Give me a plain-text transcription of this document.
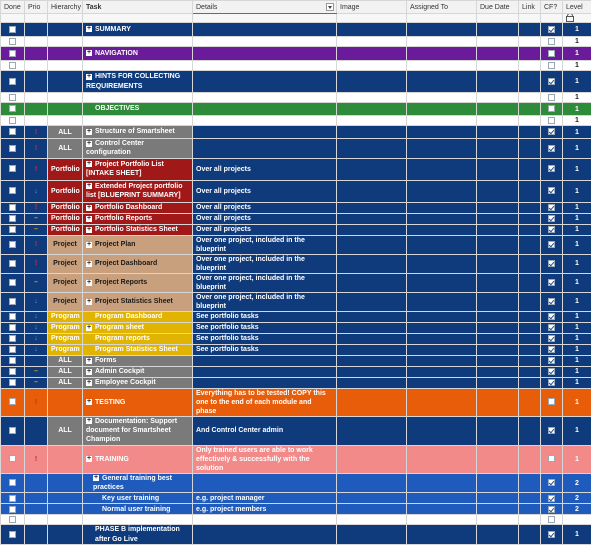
Done	Prio	Hierarchy	Task	Details	Image	Assigned To	Due Date	Link	CF?	Level

			+ SUMMARY							1
										1
			+ NAVIGATION							1
										1
			+ HINTS FOR COLLECTING REQUIREMENTS							1
										1
			OBJECTIVES							1
										1
	!	ALL	+ Structure of Smartsheet							1
	!	ALL	+ Control Center configuration							1
	!	Portfolio	+ Project Portfolio List [INTAKE SHEET]	Over all projects						1
	↓	Portfolio	+ Extended Project portfolio list [BLUEPRINT SUMMARY]	Over all projects						1
	!	Portfolio	+ Portfolio Dashboard	Over all projects						1
	–	Portfolio	+ Portfolio Reports	Over all projects						1
	–	Portfolio	+ Portfolio Statistics Sheet	Over all projects						1
	!	Project	+ Project Plan	Over one project, included in the blueprint						1
	!	Project	+ Project Dashboard	Over one project, included in the blueprint						1
	–	Project	+ Project Reports	Over one project, included in the blueprint						1
	↓	Project	+ Project Statistics Sheet	Over one project, included in the blueprint						1
	↓	Program	Program Dashboard	See portfolio tasks						1
	↓	Program	+ Program sheet	See portfolio tasks						1
	↓	Program	Program reports	See portfolio tasks						1
	↓	Program	Program Statistics Sheet	See portfolio tasks						1
		ALL	+ Forms							1
	–	ALL	+ Admin Cockpit							1
	–	ALL	+ Employee Cockpit							1
	!		+ TESTING	Everything has to be tested! COPY this one to the end of each module and phase						1
		ALL	+ Documentation: Support document for Smartsheet Champion	And Control Center admin						1
	!		+ TRAINING	Only trained users are able to work effectively & successfully with the solution						1
			+ General training best practices							2
			Key user training	e.g. project manager						2
			Normal user training	e.g. project members						2

			PHASE B implementation after Go Live							1
